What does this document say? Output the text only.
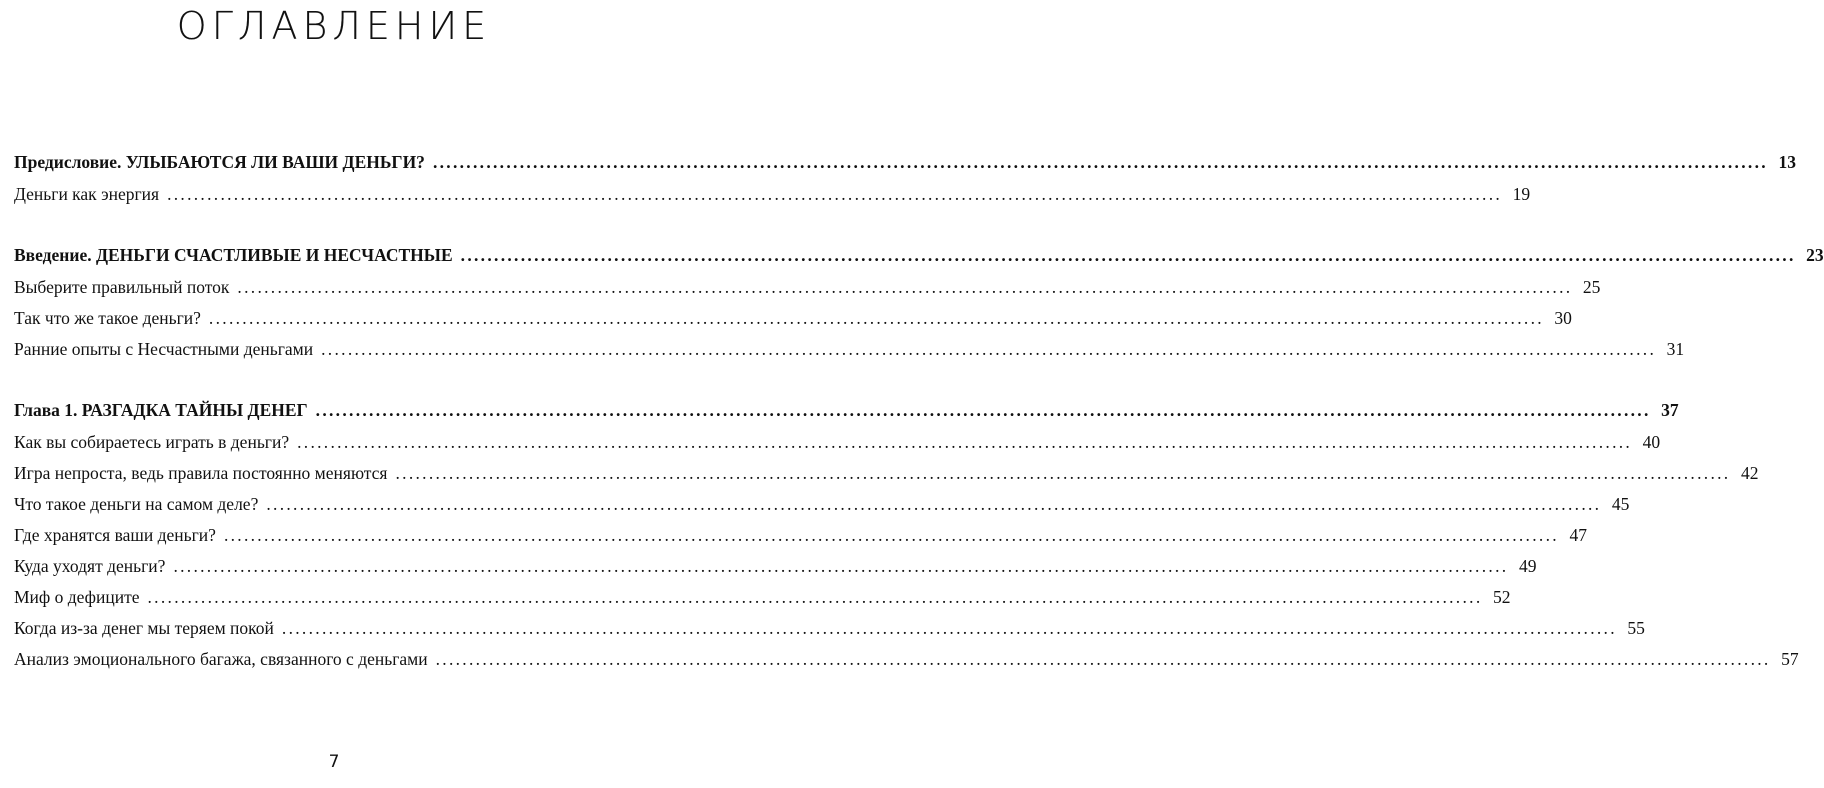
ОГЛАВЛЕНИЕ
Предисловие. УЛЫБАЮТСЯ ЛИ ВАШИ ДЕНЬГИ? ........................................................................................................................................................................................................ 13
Деньги как энергия ........................................................................................................................................................................................................ 19
Введение. ДЕНЬГИ СЧАСТЛИВЫЕ И НЕСЧАСТНЫЕ ........................................................................................................................................................................................................ 23
Выберите правильный поток ........................................................................................................................................................................................................ 25
Так что же такое деньги? ........................................................................................................................................................................................................ 30
Ранние опыты с Несчастными деньгами ........................................................................................................................................................................................................ 31
Глава 1. РАЗГАДКА ТАЙНЫ ДЕНЕГ ........................................................................................................................................................................................................ 37
Как вы собираетесь играть в деньги? ........................................................................................................................................................................................................ 40
Игра непроста, ведь правила постоянно меняются ........................................................................................................................................................................................................ 42
Что такое деньги на самом деле? ........................................................................................................................................................................................................ 45
Где хранятся ваши деньги? ........................................................................................................................................................................................................ 47
Куда уходят деньги? ........................................................................................................................................................................................................ 49
Миф о дефиците ........................................................................................................................................................................................................ 52
Когда из-за денег мы теряем покой ........................................................................................................................................................................................................ 55
Анализ эмоционального багажа, связанного с деньгами ........................................................................................................................................................................................................ 57
7
